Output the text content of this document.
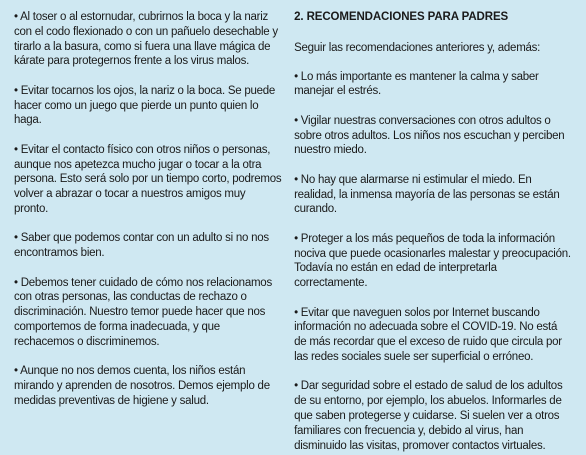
• Al toser o al estornudar, cubrirnos la boca y la nariz con el codo flexionado o con un pañuelo desechable y tirarlo a la basura, como si fuera una llave mágica de kárate para protegernos frente a los virus malos.

• Evitar tocarnos los ojos, la nariz o la boca. Se puede hacer como un juego que pierde un punto quien lo haga.

• Evitar el contacto físico con otros niños o personas, aunque nos apetezca mucho jugar o tocar a la otra persona. Esto será solo por un tiempo corto, podremos volver a abrazar o tocar a nuestros amigos muy pronto.

• Saber que podemos contar con un adulto si no nos encontramos bien.

• Debemos tener cuidado de cómo nos relacionamos con otras personas, las conductas de rechazo o discriminación. Nuestro temor puede hacer que nos comportemos de forma inadecuada, y que rechacemos o discriminemos.

• Aunque no nos demos cuenta, los niños están mirando y aprenden de nosotros. Demos ejemplo de medidas preventivas de higiene y salud.

2. RECOMENDACIONES PARA PADRES

Seguir las recomendaciones anteriores y, además:

• Lo más importante es mantener la calma y saber manejar el estrés.

• Vigilar nuestras conversaciones con otros adultos o sobre otros adultos. Los niños nos escuchan y perciben nuestro miedo.

• No hay que alarmarse ni estimular el miedo. En realidad, la inmensa mayoría de las personas se están curando.

• Proteger a los más pequeños de toda la información nociva que puede ocasionarles malestar y preocupación. Todavía no están en edad de interpretarla correctamente.

• Evitar que naveguen solos por Internet buscando información no adecuada sobre el COVID-19. No está de más recordar que el exceso de ruido que circula por las redes sociales suele ser superficial o erróneo.

• Dar seguridad sobre el estado de salud de los adultos de su entorno, por ejemplo, los abuelos. Informarles de que saben protegerse y cuidarse. Si suelen ver a otros familiares con frecuencia y, debido al virus, han disminuido las visitas, promover contactos virtuales.
